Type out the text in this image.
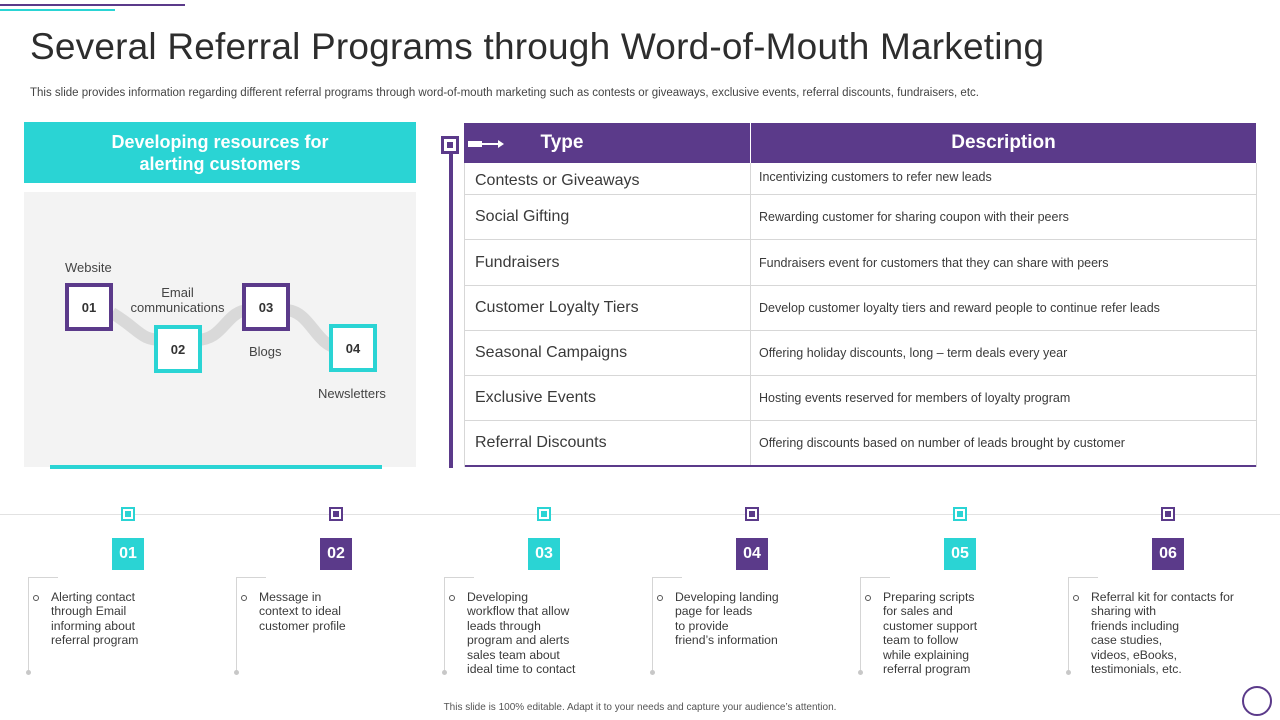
Several Referral Programs through Word-of-Mouth Marketing

This slide provides information regarding different referral programs through word-of-mouth marketing such as contests or giveaways, exclusive events, referral discounts, fundraisers, etc.

Developing resources for
alerting customers
Website
01
Email
communications
02
03
Blogs	04
Newsletters
Type	Description
Contests or Giveaways	Incentivizing customers to refer new leads
Social Gifting	Rewarding customer for sharing coupon with their peers
Fundraisers	Fundraisers event for customers that they can share with peers
Customer Loyalty Tiers	Develop customer loyalty tiers and reward people to continue refer leads
Seasonal Campaigns	Offering holiday discounts, long – term deals every year
Exclusive Events	Hosting events reserved for members of loyalty program
Referral Discounts	Offering discounts based on number of leads brought by customer
01
Alerting contact
through Email
informing about
referral program
02
Message in
context to ideal
customer profile
03
Developing
workflow that allow
leads through
program and alerts
sales team about
ideal time to contact
04
Developing landing
page for leads
to provide
friend’s information
05
Preparing scripts
for sales and
customer support
team to follow
while explaining
referral program
06
Referral kit for contacts for
sharing with
friends including
case studies,
videos, eBooks,
testimonials, etc.
This slide is 100% editable. Adapt it to your needs and capture your audience’s attention.
